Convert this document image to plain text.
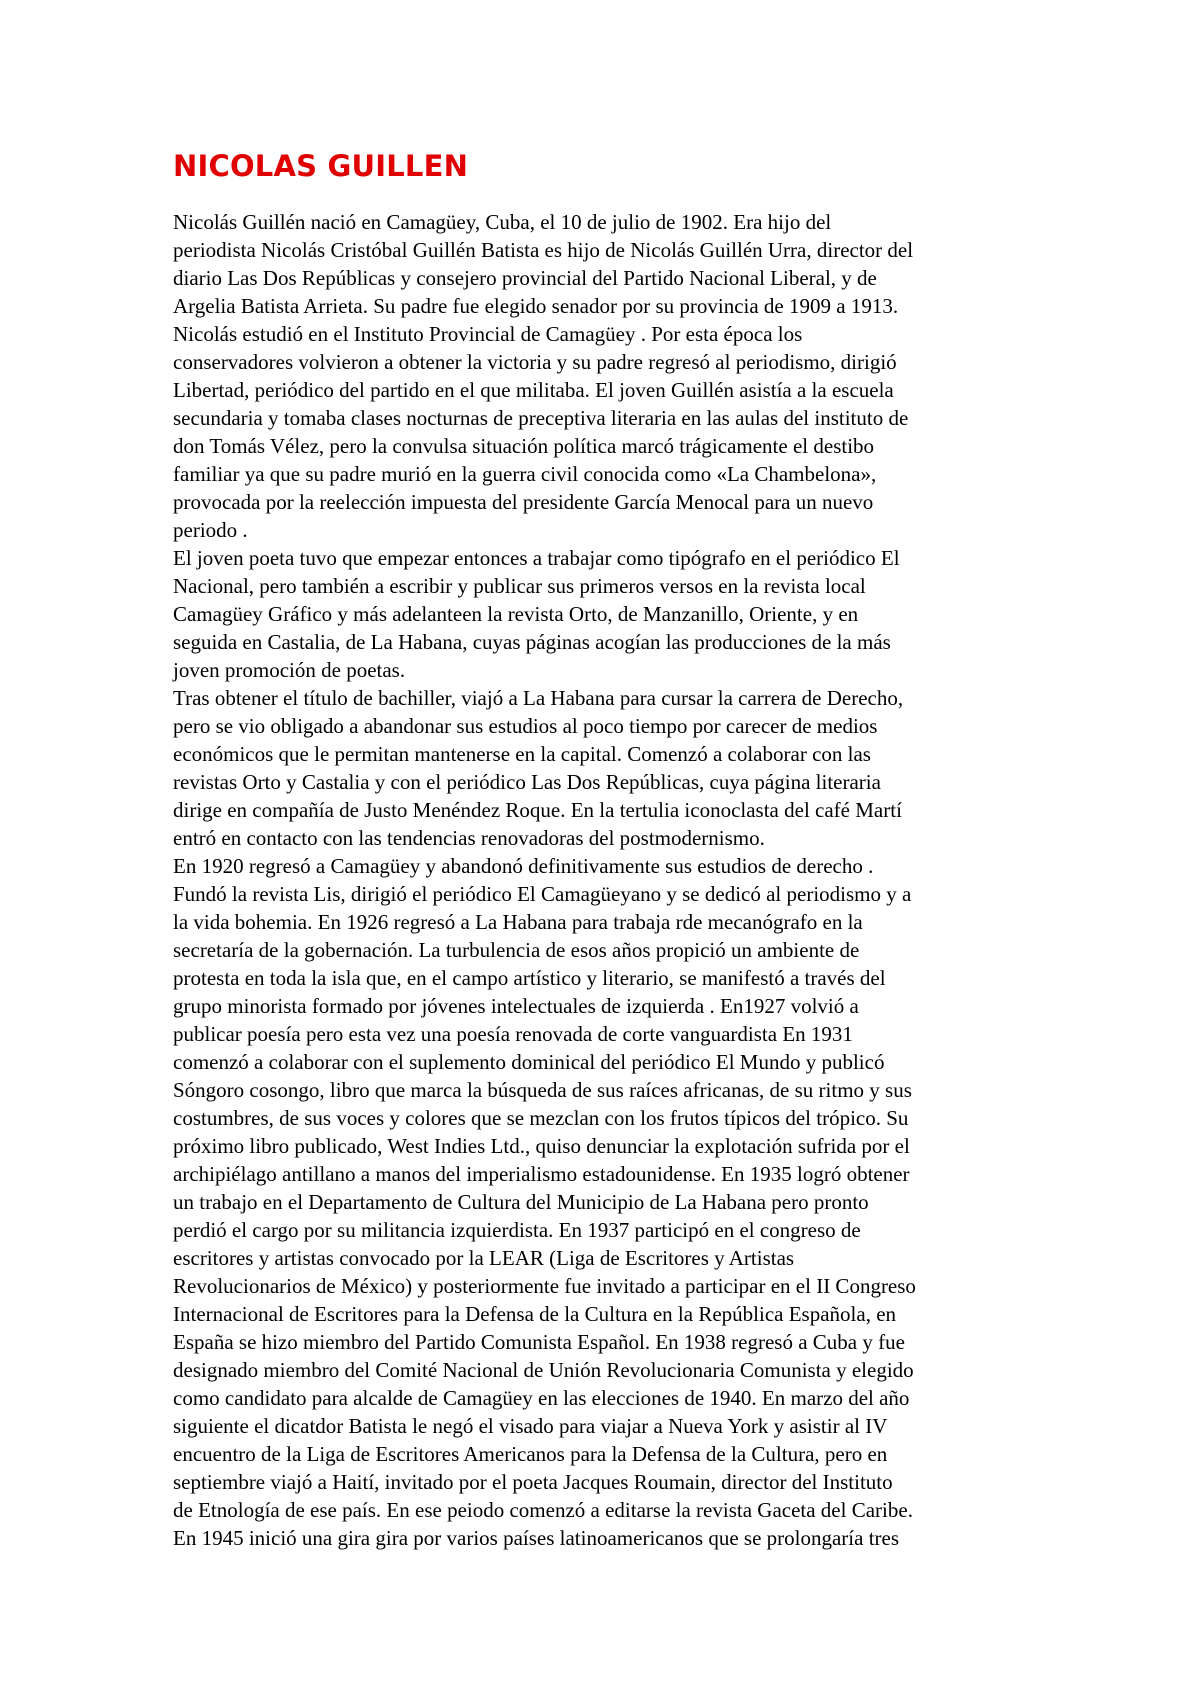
NICOLAS GUILLEN
Nicolás Guillén nació en Camagüey, Cuba, el 10 de julio de 1902. Era hijo del
periodista Nicolás Cristóbal Guillén Batista es hijo de Nicolás Guillén Urra, director del
diario Las Dos Repúblicas y consejero provincial del Partido Nacional Liberal, y de
Argelia Batista Arrieta. Su padre fue elegido senador por su provincia de 1909 a 1913.
Nicolás estudió en el Instituto Provincial de Camagüey . Por esta época los
conservadores volvieron a obtener la victoria y su padre regresó al periodismo, dirigió
Libertad, periódico del partido en el que militaba. El joven Guillén asistía a la escuela
secundaria y tomaba clases nocturnas de preceptiva literaria en las aulas del instituto de
don Tomás Vélez, pero la convulsa situación política marcó trágicamente el destibo
familiar ya que su padre murió en la guerra civil conocida como «La Chambelona»,
provocada por la reelección impuesta del presidente García Menocal para un nuevo
periodo .
El joven poeta tuvo que empezar entonces a trabajar como tipógrafo en el periódico El
Nacional, pero también a escribir y publicar sus primeros versos en la revista local
Camagüey Gráfico y más adelanteen la revista Orto, de Manzanillo, Oriente, y en
seguida en Castalia, de La Habana, cuyas páginas acogían las producciones de la más
joven promoción de poetas.
Tras obtener el título de bachiller, viajó a La Habana para cursar la carrera de Derecho,
pero se vio obligado a abandonar sus estudios al poco tiempo por carecer de medios
económicos que le permitan mantenerse en la capital. Comenzó a colaborar con las
revistas Orto y Castalia y con el periódico Las Dos Repúblicas, cuya página literaria
dirige en compañía de Justo Menéndez Roque. En la tertulia iconoclasta del café Martí
entró en contacto con las tendencias renovadoras del postmodernismo.
En 1920 regresó a Camagüey y abandonó definitivamente sus estudios de derecho .
Fundó la revista Lis, dirigió el periódico El Camagüeyano y se dedicó al periodismo y a
la vida bohemia. En 1926 regresó a La Habana para trabaja rde mecanógrafo en la
secretaría de la gobernación. La turbulencia de esos años propició un ambiente de
protesta en toda la isla que, en el campo artístico y literario, se manifestó a través del
grupo minorista formado por jóvenes intelectuales de izquierda . En1927 volvió a
publicar poesía pero esta vez una poesía renovada de corte vanguardista En 1931
comenzó a colaborar con el suplemento dominical del periódico El Mundo y publicó
Sóngoro cosongo, libro que marca la búsqueda de sus raíces africanas, de su ritmo y sus
costumbres, de sus voces y colores que se mezclan con los frutos típicos del trópico. Su
próximo libro publicado, West Indies Ltd., quiso denunciar la explotación sufrida por el
archipiélago antillano a manos del imperialismo estadounidense. En 1935 logró obtener
un trabajo en el Departamento de Cultura del Municipio de La Habana pero pronto
perdió el cargo por su militancia izquierdista. En 1937 participó en el congreso de
escritores y artistas convocado por la LEAR (Liga de Escritores y Artistas
Revolucionarios de México) y posteriormente fue invitado a participar en el II Congreso
Internacional de Escritores para la Defensa de la Cultura en la República Española, en
España se hizo miembro del Partido Comunista Español. En 1938 regresó a Cuba y fue
designado miembro del Comité Nacional de Unión Revolucionaria Comunista y elegido
como candidato para alcalde de Camagüey en las elecciones de 1940. En marzo del año
siguiente el dicatdor Batista le negó el visado para viajar a Nueva York y asistir al IV
encuentro de la Liga de Escritores Americanos para la Defensa de la Cultura, pero en
septiembre viajó a Haití, invitado por el poeta Jacques Roumain, director del Instituto
de Etnología de ese país. En ese peiodo comenzó a editarse la revista Gaceta del Caribe.
En 1945 inició una gira gira por varios países latinoamericanos que se prolongaría tres
